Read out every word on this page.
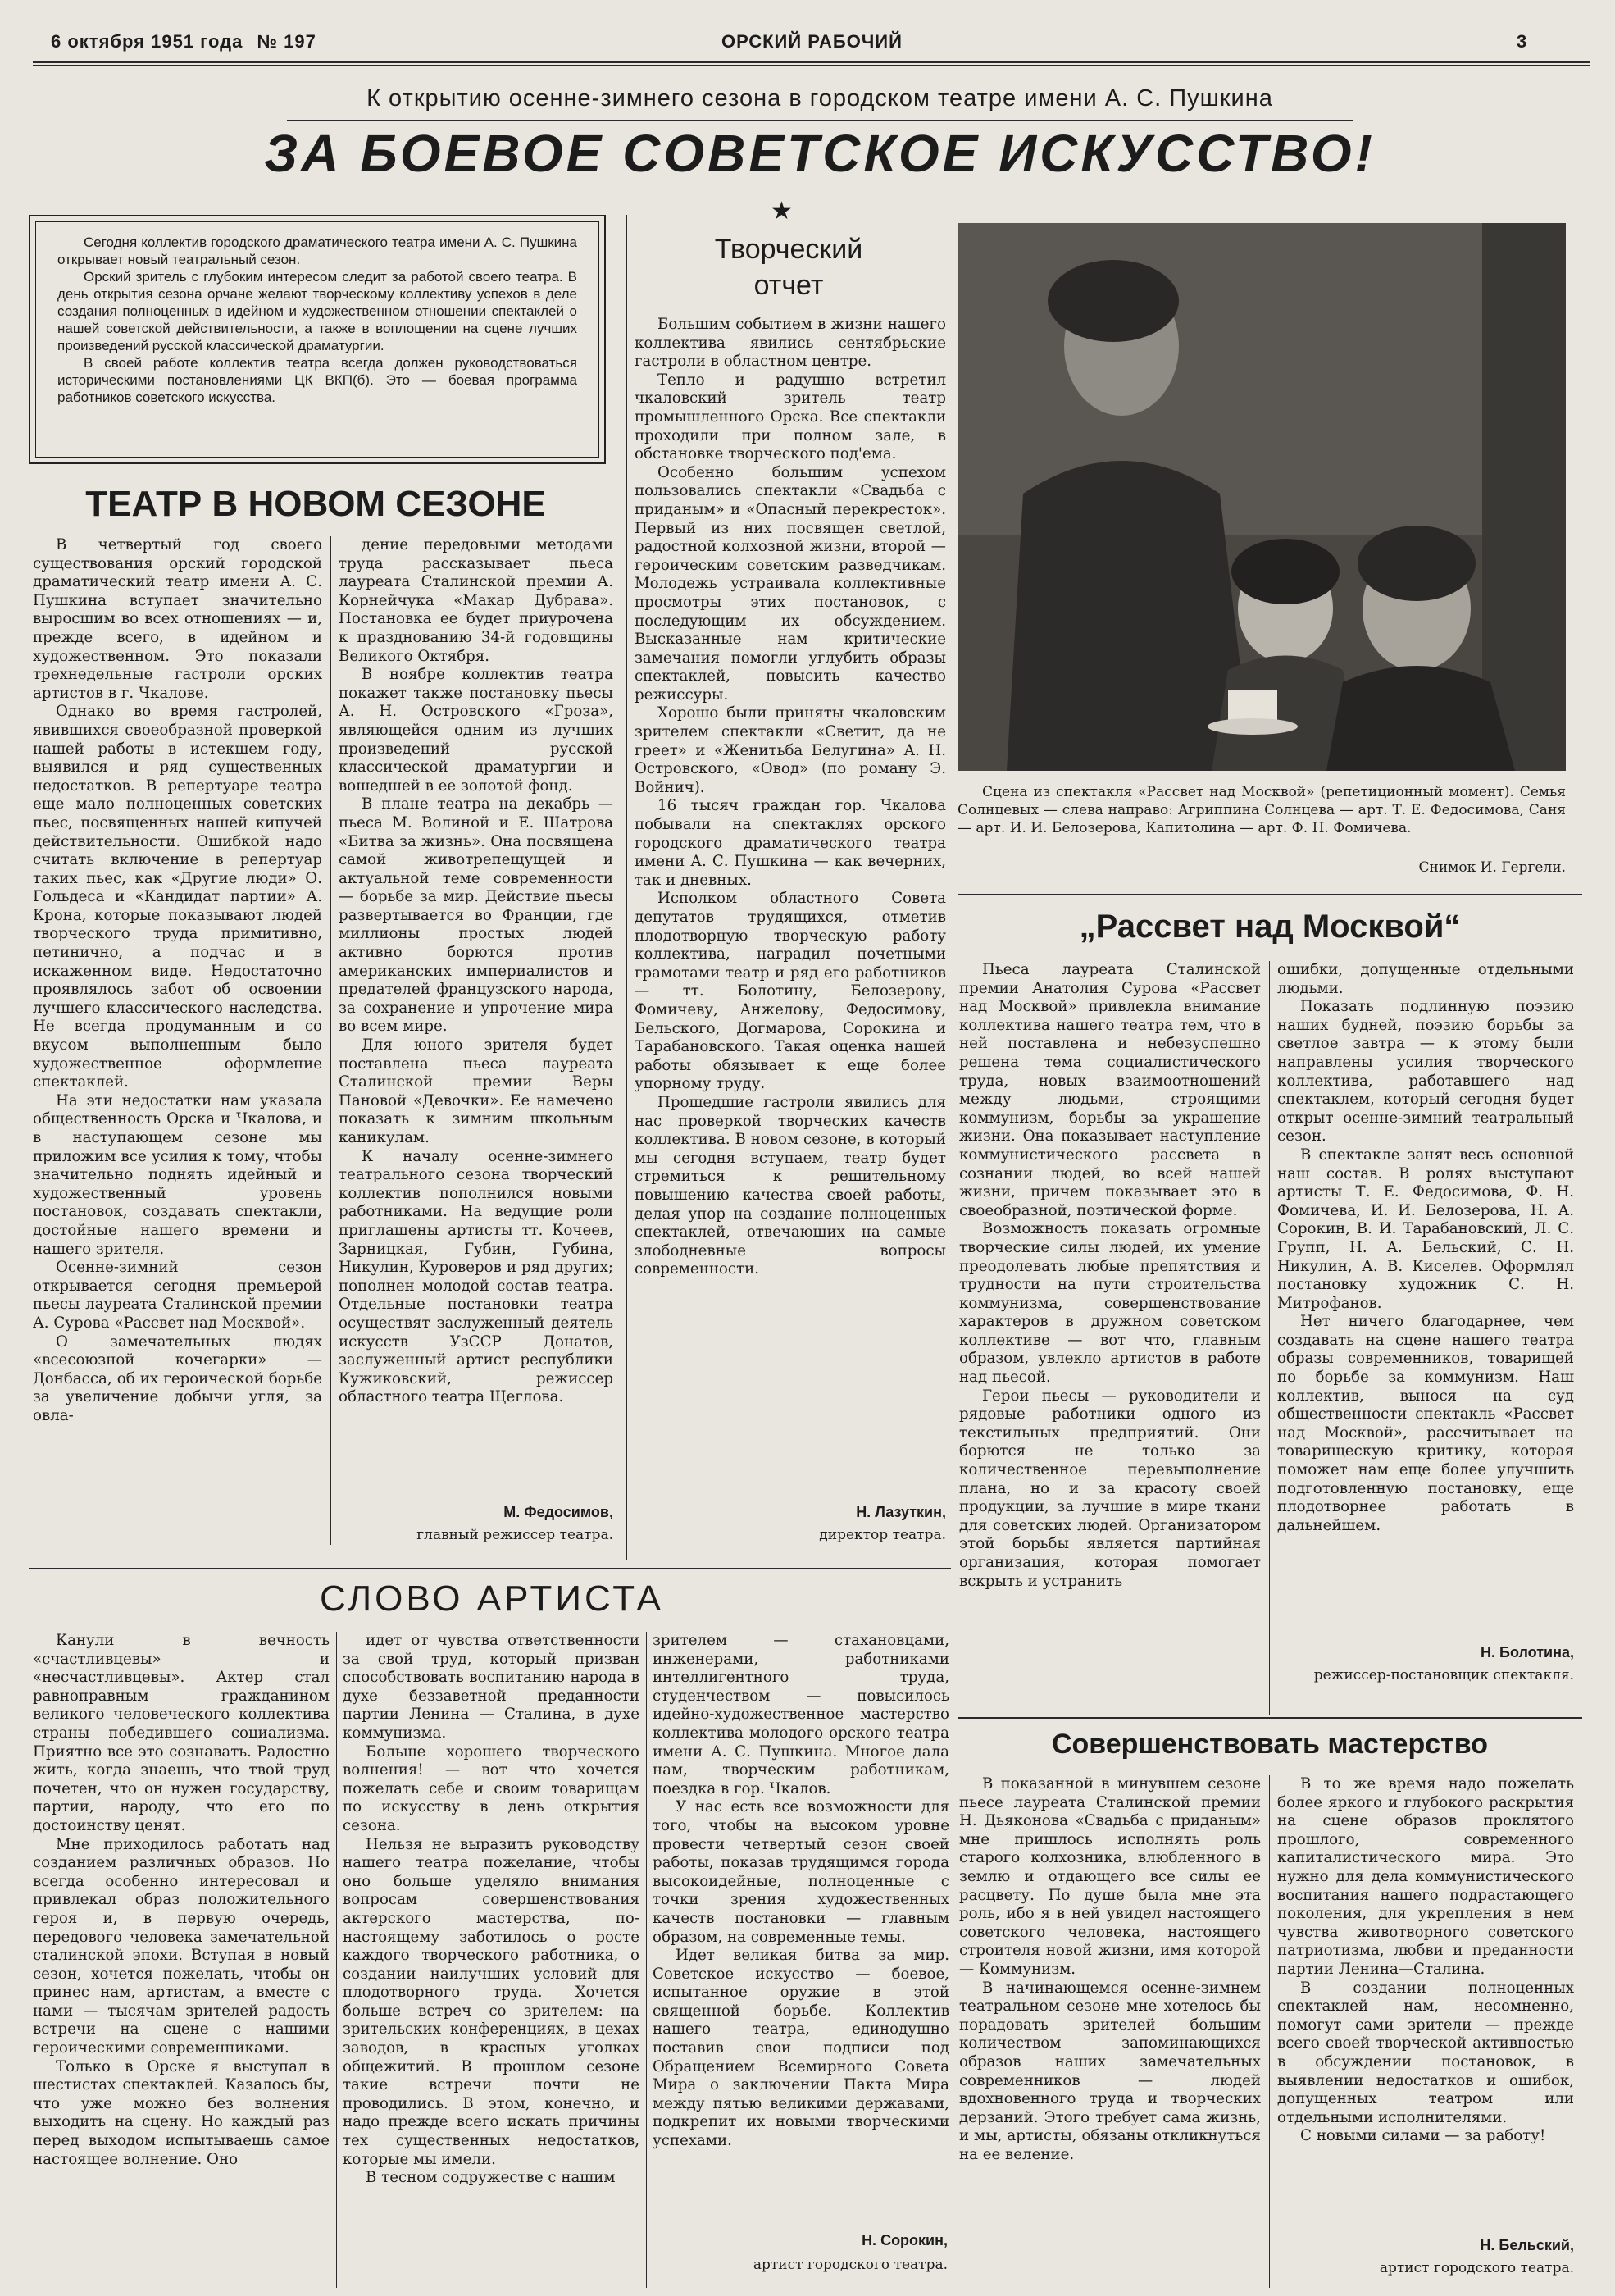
6 октября 1951 года № 197	ОРСКИЙ РАБОЧИЙ	3
К открытию осенне-зимнего сезона в городском театре имени А. С. Пушкина
ЗА БОЕВОЕ СОВЕТСКОЕ ИСКУССТВО!
Сегодня коллектив городского драматического театра имени А. С. Пушкина открывает новый театральный сезон.
Орский зритель с глубоким интересом следит за работой своего театра. В день открытия сезона орчане желают творческому коллективу успехов в деле создания полноценных в идейном и художественном отношении спектаклей о нашей советской действительности, а также в воплощении на сцене лучших произведений русской классической драматургии.
В своей работе коллектив театра всегда должен руководствоваться историческими постановлениями ЦК ВКП(б). Это — боевая программа работников советского искусства.
ТЕАТР В НОВОМ СЕЗОНЕ

В четвертый год своего существования орский городской драматический театр имени А. С. Пушкина вступает значительно выросшим во всех отношениях — и, прежде всего, в идейном и художественном. Это показали трехнедельные гастроли орских артистов в г. Чкалове.

Однако во время гастролей, явившихся своеобразной проверкой нашей работы в истекшем году, выявился и ряд существенных недостатков. В репертуаре театра еще мало полноценных советских пьес, посвященных нашей кипучей действительности. Ошибкой надо считать включение в репертуар таких пьес, как «Другие люди» О. Гольдеса и «Кандидат партии» А. Крона, которые показывают людей творческого труда примитивно, петинично, а подчас и в искаженном виде. Недостаточно проявлялось забот об освоении лучшего классического наследства. Не всегда продуманным и со вкусом выполненным было художественное оформление спектаклей.

На эти недостатки нам указала общественность Орска и Чкалова, и в наступающем сезоне мы приложим все усилия к тому, чтобы значительно поднять идейный и художественный уровень постановок, создавать спектакли, достойные нашего времени и нашего зрителя.

Осенне-зимний сезон открывается сегодня премьерой пьесы лауреата Сталинской премии А. Сурова «Рассвет над Москвой».

О замечательных людях «всесоюзной кочегарки» — Донбасса, об их героической борьбе за увеличение добычи угля, за овла-

дение передовыми методами труда рассказывает пьеса лауреата Сталинской премии А. Корнейчука «Макар Дубрава». Постановка ее будет приурочена к празднованию 34-й годовщины Великого Октября.

В ноябре коллектив театра покажет также постановку пьесы А. Н. Островского «Гроза», являющейся одним из лучших произведений русской классической драматургии и вошедшей в ее золотой фонд.

В плане театра на декабрь — пьеса М. Волиной и Е. Шатрова «Битва за жизнь». Она посвящена самой животрепещущей и актуальной теме современности — борьбе за мир. Действие пьесы развертывается во Франции, где миллионы простых людей активно борются против американских империалистов и предателей французского народа, за сохранение и упрочение мира во всем мире.

Для юного зрителя будет поставлена пьеса лауреата Сталинской премии Веры Пановой «Девочки». Ее намечено показать к зимним школьным каникулам.

К началу осенне-зимнего театрального сезона творческий коллектив пополнился новыми работниками. На ведущие роли приглашены артисты тт. Кочеев, Зарницкая, Губин, Губина, Никулин, Куроверов и ряд других; пополнен молодой состав театра. Отдельные постановки театра осуществят заслуженный деятель искусств УзССР Донатов, заслуженный артист республики Кужиковский, режиссер областного театра Щеглова.

М. Федосимов,
главный режиссер театра.
★
Творческий
отчет

Большим событием в жизни нашего коллектива явились сентябрьские гастроли в областном центре.

Тепло и радушно встретил чкаловский зритель театр промышленного Орска. Все спектакли проходили при полном зале, в обстановке творческого под'ема.

Особенно большим успехом пользовались спектакли «Свадьба с приданым» и «Опасный перекресток». Первый из них посвящен светлой, радостной колхозной жизни, второй — героическим советским разведчикам. Молодежь устраивала коллективные просмотры этих постановок, с последующим их обсуждением. Высказанные нам критические замечания помогли углубить образы спектаклей, повысить качество режиссуры.

Хорошо были приняты чкаловским зрителем спектакли «Светит, да не греет» и «Женитьба Белугина» А. Н. Островского, «Овод» (по роману Э. Войнич).

16 тысяч граждан гор. Чкалова побывали на спектаклях орского городского драматического театра имени А. С. Пушкина — как вечерних, так и дневных.

Исполком областного Совета депутатов трудящихся, отметив плодотворную творческую работу коллектива, наградил почетными грамотами театр и ряд его работников — тт. Болотину, Белозерову, Фомичеву, Анжелову, Федосимову, Бельского, Догмарова, Сорокина и Тарабановского. Такая оценка нашей работы обязывает к еще более упорному труду.

Прошедшие гастроли явились для нас проверкой творческих качеств коллектива. В новом сезоне, в который мы сегодня вступаем, театр будет стремиться к решительному повышению качества своей работы, делая упор на создание полноценных спектаклей, отвечающих на самые злободневные вопросы современности.

Н. Лазуткин,
директор театра.
Сцена из спектакля «Рассвет над Москвой» (репетиционный момент). Семья Солнцевых — слева направо: Агриппина Солнцева — арт. Т. Е. Федосимова, Саня — арт. И. И. Белозерова, Капитолина — арт. Ф. Н. Фомичева.
Снимок И. Гергели.
„Рассвет над Москвой“

Пьеса лауреата Сталинской премии Анатолия Сурова «Рассвет над Москвой» привлекла внимание коллектива нашего театра тем, что в ней поставлена и небезуспешно решена тема социалистического труда, новых взаимоотношений между людьми, строящими коммунизм, борьбы за украшение жизни. Она показывает наступление коммунистического рассвета в сознании людей, во всей нашей жизни, причем показывает это в своеобразной, поэтической форме.

Возможность показать огромные творческие силы людей, их умение преодолевать любые препятствия и трудности на пути строительства коммунизма, совершенствование характеров в дружном советском коллективе — вот что, главным образом, увлекло артистов в работе над пьесой.

Герои пьесы — руководители и рядовые работники одного из текстильных предприятий. Они борются не только за количественное перевыполнение плана, но и за красоту своей продукции, за лучшие в мире ткани для советских людей. Организатором этой борьбы является партийная организация, которая помогает вскрыть и устранить

ошибки, допущенные отдельными людьми.

Показать подлинную поэзию наших будней, поэзию борьбы за светлое завтра — к этому были направлены усилия творческого коллектива, работавшего над спектаклем, который сегодня будет открыт осенне-зимний театральный сезон.

В спектакле занят весь основной наш состав. В ролях выступают артисты Т. Е. Федосимова, Ф. Н. Фомичева, И. И. Белозерова, Н. А. Сорокин, В. И. Тарабановский, Л. С. Групп, Н. А. Бельский, С. Н. Никулин, А. В. Киселев. Оформлял постановку художник С. Н. Митрофанов.

Нет ничего благодарнее, чем создавать на сцене нашего театра образы современников, товарищей по борьбе за коммунизм. Наш коллектив, вынося на суд общественности спектакль «Рассвет над Москвой», рассчитывает на товарищескую критику, которая поможет нам еще более улучшить подготовленную постановку, еще плодотворнее работать в дальнейшем.

Н. Болотина,
режиссер-постановщик спектакля.
СЛОВО АРТИСТА

Канули в вечность «счастливцевы» и «несчастливцевы». Актер стал равноправным гражданином великого человеческого коллектива страны победившего социализма. Приятно все это сознавать. Радостно жить, когда знаешь, что твой труд почетен, что он нужен государству, партии, народу, что его по достоинству ценят.

Мне приходилось работать над созданием различных образов. Но всегда особенно интересовал и привлекал образ положительного героя и, в первую очередь, передового человека замечательной сталинской эпохи. Вступая в новый сезон, хочется пожелать, чтобы он принес нам, артистам, а вместе с нами — тысячам зрителей радость встречи на сцене с нашими героическими современниками.

Только в Орске я выступал в шестистах спектаклей. Казалось бы, что уже можно без волнения выходить на сцену. Но каждый раз перед выходом испытываешь самое настоящее волнение. Оно

идет от чувства ответственности за свой труд, который призван способствовать воспитанию народа в духе беззаветной преданности партии Ленина — Сталина, в духе коммунизма.

Больше хорошего творческого волнения! — вот что хочется пожелать себе и своим товарищам по искусству в день открытия сезона.

Нельзя не выразить руководству нашего театра пожелание, чтобы оно больше уделяло внимания вопросам совершенствования актерского мастерства, по-настоящему заботилось о росте каждого творческого работника, о создании наилучших условий для плодотворного труда. Хочется больше встреч со зрителем: на зрительских конференциях, в цехах заводов, в красных уголках общежитий. В прошлом сезоне такие встречи почти не проводились. В этом, конечно, и надо прежде всего искать причины тех существенных недостатков, которые мы имели.

В тесном содружестве с нашим

зрителем — стахановцами, инженерами, работниками интеллигентного труда, студенчеством — повысилось идейно-художественное мастерство коллектива молодого орского театра имени А. С. Пушкина. Многое дала нам, творческим работникам, поездка в гор. Чкалов.

У нас есть все возможности для того, чтобы на высоком уровне провести четвертый сезон своей работы, показав трудящимся города высокоидейные, полноценные с точки зрения художественных качеств постановки — главным образом, на современные темы.

Идет великая битва за мир. Советское искусство — боевое, испытанное оружие в этой священной борьбе. Коллектив нашего театра, единодушно поставив свои подписи под Обращением Всемирного Совета Мира о заключении Пакта Мира между пятью великими державами, подкрепит их новыми творческими успехами.

Н. Сорокин,
артист городского театра.
Совершенствовать мастерство

В показанной в минувшем сезоне пьесе лауреата Сталинской премии Н. Дьяконова «Свадьба с приданым» мне пришлось исполнять роль старого колхозника, влюбленного в землю и отдающего все силы ее расцвету. По душе была мне эта роль, ибо я в ней увидел настоящего советского человека, настоящего строителя новой жизни, имя которой — Коммунизм.

В начинающемся осенне-зимнем театральном сезоне мне хотелось бы порадовать зрителей большим количеством запоминающихся образов наших замечательных современников — людей вдохновенного труда и творческих дерзаний. Этого требует сама жизнь, и мы, артисты, обязаны откликнуться на ее веление.

В то же время надо пожелать более яркого и глубокого раскрытия на сцене образов проклятого прошлого, современного капиталистического мира. Это нужно для дела коммунистического воспитания нашего подрастающего поколения, для укрепления в нем чувства животворного советского патриотизма, любви и преданности партии Ленина—Сталина.

В создании полноценных спектаклей нам, несомненно, помогут сами зрители — прежде всего своей творческой активностью в обсуждении постановок, в выявлении недостатков и ошибок, допущенных театром или отдельными исполнителями.

С новыми силами — за работу!

Н. Бельский,
артист городского театра.
